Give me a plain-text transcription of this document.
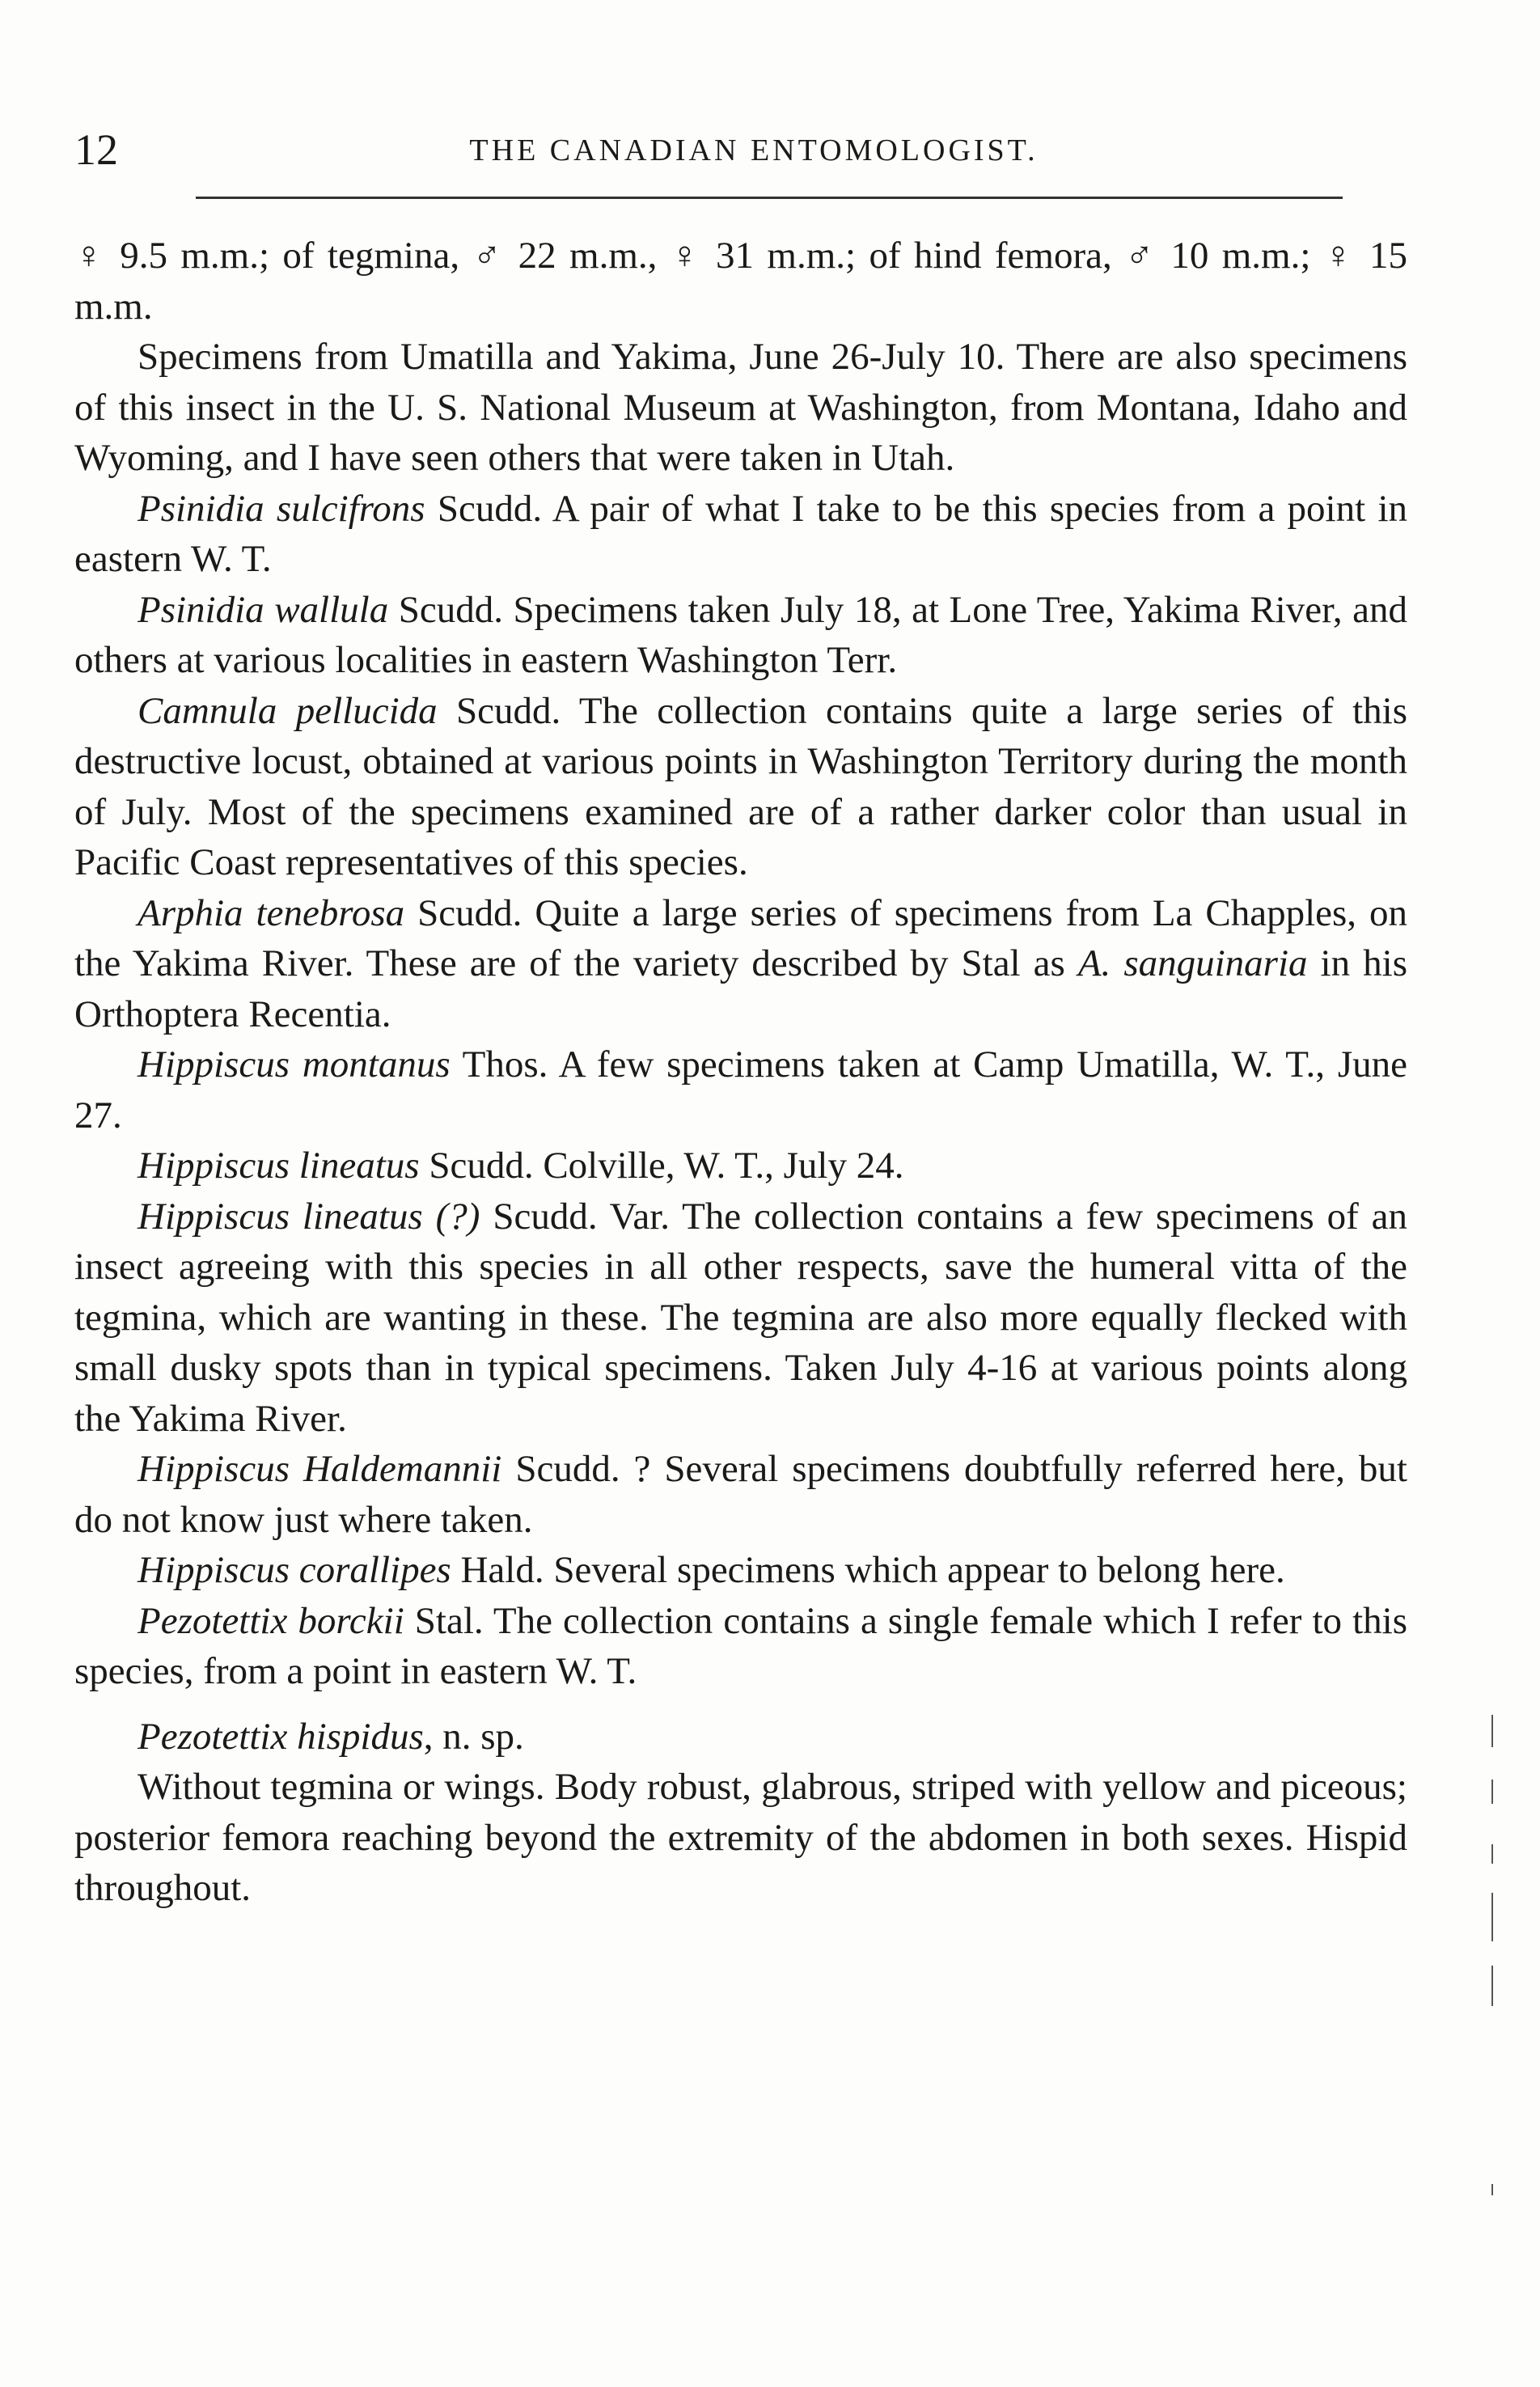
12	THE CANADIAN ENTOMOLOGIST.

♀ 9.5 m.m.; of tegmina, ♂ 22 m.m., ♀ 31 m.m.; of hind femora, ♂ 10 m.m.; ♀ 15 m.m.

Specimens from Umatilla and Yakima, June 26-July 10. There are also specimens of this insect in the U. S. National Museum at Washington, from Montana, Idaho and Wyoming, and I have seen others that were taken in Utah.

Psinidia sulcifrons Scudd. A pair of what I take to be this species from a point in eastern W. T.

Psinidia wallula Scudd. Specimens taken July 18, at Lone Tree, Yakima River, and others at various localities in eastern Washington Terr.

Camnula pellucida Scudd. The collection contains quite a large series of this destructive locust, obtained at various points in Washington Territory during the month of July. Most of the specimens examined are of a rather darker color than usual in Pacific Coast representatives of this species.

Arphia tenebrosa Scudd. Quite a large series of specimens from La Chapples, on the Yakima River. These are of the variety described by Stal as A. sanguinaria in his Orthoptera Recentia.

Hippiscus montanus Thos. A few specimens taken at Camp Umatilla, W. T., June 27.

Hippiscus lineatus Scudd. Colville, W. T., July 24.

Hippiscus lineatus (?) Scudd. Var. The collection contains a few specimens of an insect agreeing with this species in all other respects, save the humeral vitta of the tegmina, which are wanting in these. The tegmina are also more equally flecked with small dusky spots than in typical specimens. Taken July 4-16 at various points along the Yakima River.

Hippiscus Haldemannii Scudd. ? Several specimens doubtfully referred here, but do not know just where taken.

Hippiscus corallipes Hald. Several specimens which appear to belong here.

Pezotettix borckii Stal. The collection contains a single female which I refer to this species, from a point in eastern W. T.

Pezotettix hispidus, n. sp.

Without tegmina or wings. Body robust, glabrous, striped with yellow and piceous; posterior femora reaching beyond the extremity of the abdomen in both sexes. Hispid throughout.
